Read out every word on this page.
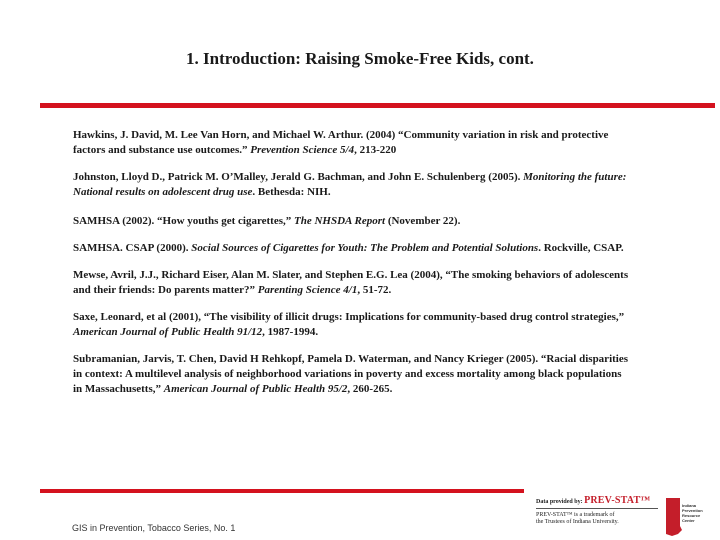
1. Introduction: Raising Smoke-Free Kids, cont.

Hawkins, J. David, M. Lee Van Horn, and Michael W. Arthur. (2004) “Community variation in risk and protective factors and substance use outcomes.” Prevention Science 5/4, 213-220

Johnston, Lloyd D., Patrick M. O’Malley, Jerald G. Bachman, and John E. Schulenberg (2005). Monitoring the future: National results on adolescent drug use. Bethesda: NIH.

SAMHSA (2002). “How youths get cigarettes,” The NHSDA Report (November 22).

SAMHSA. CSAP (2000). Social Sources of Cigarettes for Youth: The Problem and Potential Solutions. Rockville, CSAP.

Mewse, Avril, J.J., Richard Eiser, Alan M. Slater, and Stephen E.G. Lea (2004), “The smoking behaviors of adolescents and their friends: Do parents matter?” Parenting Science 4/1, 51-72.

Saxe, Leonard, et al (2001), “The visibility of illicit drugs: Implications for community-based drug control strategies,” American Journal of Public Health 91/12, 1987-1994.

Subramanian, Jarvis, T. Chen, David H Rehkopf, Pamela D. Waterman, and Nancy Krieger (2005). “Racial disparities in context: A multilevel analysis of neighborhood variations in poverty and excess mortality among black populations in Massachusetts,” American Journal of Public Health 95/2, 260-265.

GIS in Prevention, Tobacco Series, No. 1
Data provided by: PREV-STAT™
PREV-STAT™ is a trademark of
the Trustees of Indiana University.
Indiana
Prevention
Resource
Center
